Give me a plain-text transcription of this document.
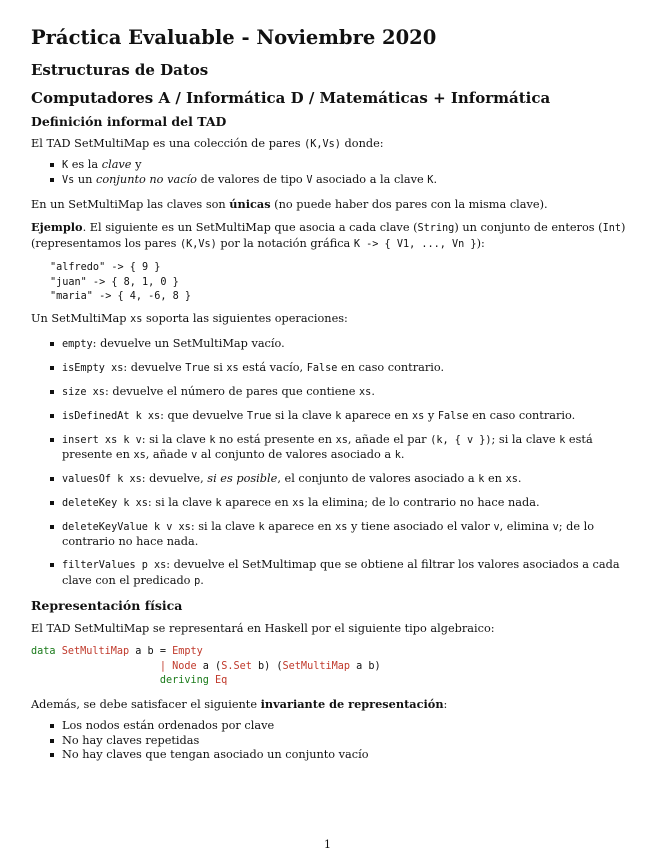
Práctica Evaluable - Noviembre 2020
Estructuras de Datos
Computadores A / Informática D / Matemáticas + Informática
Definición informal del TAD

El TAD SetMultiMap es una colección de pares (K,Vs) donde:

K es la clave y
Vs un conjunto no vacío de valores de tipo V asociado a la clave K.

En un SetMultiMap las claves son únicas (no puede haber dos pares con la misma clave).

Ejemplo. El siguiente es un SetMultiMap que asocia a cada clave (String) un conjunto de enteros (Int) (representamos los pares (K,Vs) por la notación gráfica K -> { V1, ..., Vn }):

"alfredo" -> { 9 }
"juan" -> { 8, 1, 0 }
"maria" -> { 4, -6, 8 }

Un SetMultiMap xs soporta las siguientes operaciones:

empty: devuelve un SetMultiMap vacío.
isEmpty xs: devuelve True si xs está vacío, False en caso contrario.
size xs: devuelve el número de pares que contiene xs.
isDefinedAt k xs: que devuelve True si la clave k aparece en xs y False en caso contrario.
insert xs k v: si la clave k no está presente en xs, añade el par (k, { v }); si la clave k está presente en xs, añade v al conjunto de valores asociado a k.
valuesOf k xs: devuelve, si es posible, el conjunto de valores asociado a k en xs.
deleteKey k xs: si la clave k aparece en xs la elimina; de lo contrario no hace nada.
deleteKeyValue k v xs: si la clave k aparece en xs y tiene asociado el valor v, elimina v; de lo contrario no hace nada.
filterValues p xs: devuelve el SetMultimap que se obtiene al filtrar los valores asociados a cada clave con el predicado p.
Representación física

El TAD SetMultiMap se representará en Haskell por el siguiente tipo algebraico:

data SetMultiMap a b = Empty
| Node a (S.Set b) (SetMultiMap a b)
deriving Eq

Además, se debe satisfacer el siguiente invariante de representación:

Los nodos están ordenados por clave
No hay claves repetidas
No hay claves que tengan asociado un conjunto vacío
1
